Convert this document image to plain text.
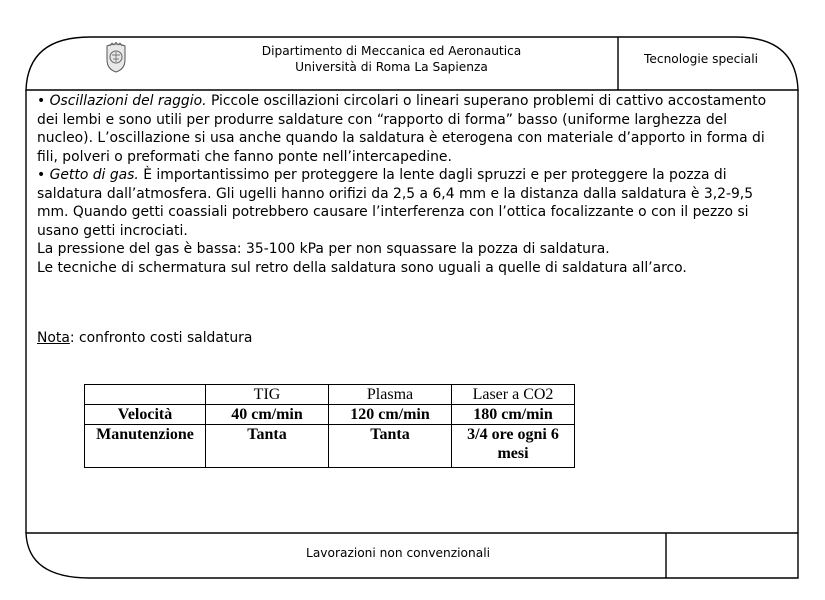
Dipartimento di Meccanica ed Aeronautica
Università di Roma La Sapienza
Tecnologie speciali

• Oscillazioni del raggio. Piccole oscillazioni circolari o lineari superano problemi di cattivo accostamento dei lembi e sono utili per produrre saldature con “rapporto di forma” basso (uniforme larghezza del nucleo). L’oscillazione si usa anche quando la saldatura è eterogena con materiale d’apporto in forma di fili, polveri o preformati che fanno ponte nell’intercapedine.

• Getto di gas. È importantissimo per proteggere la lente dagli spruzzi e per proteggere la pozza di saldatura dall’atmosfera. Gli ugelli hanno orifizi da 2,5 a 6,4 mm e la distanza dalla saldatura è 3,2-9,5 mm. Quando getti coassiali potrebbero causare l’interferenza con l’ottica focalizzante o con il pezzo si usano getti incrociati.

La pressione del gas è bassa: 35-100 kPa per non squassare la pozza di saldatura.

Le tecniche di schermatura sul retro della saldatura sono uguali a quelle di saldatura all’arco.

Nota: confronto costi saldatura
	TIG	Plasma	Laser a CO2
Velocità	40 cm/min	120 cm/min	180 cm/min
Manutenzione	Tanta	Tanta	3/4 ore ogni 6 mesi
Lavorazioni non convenzionali
